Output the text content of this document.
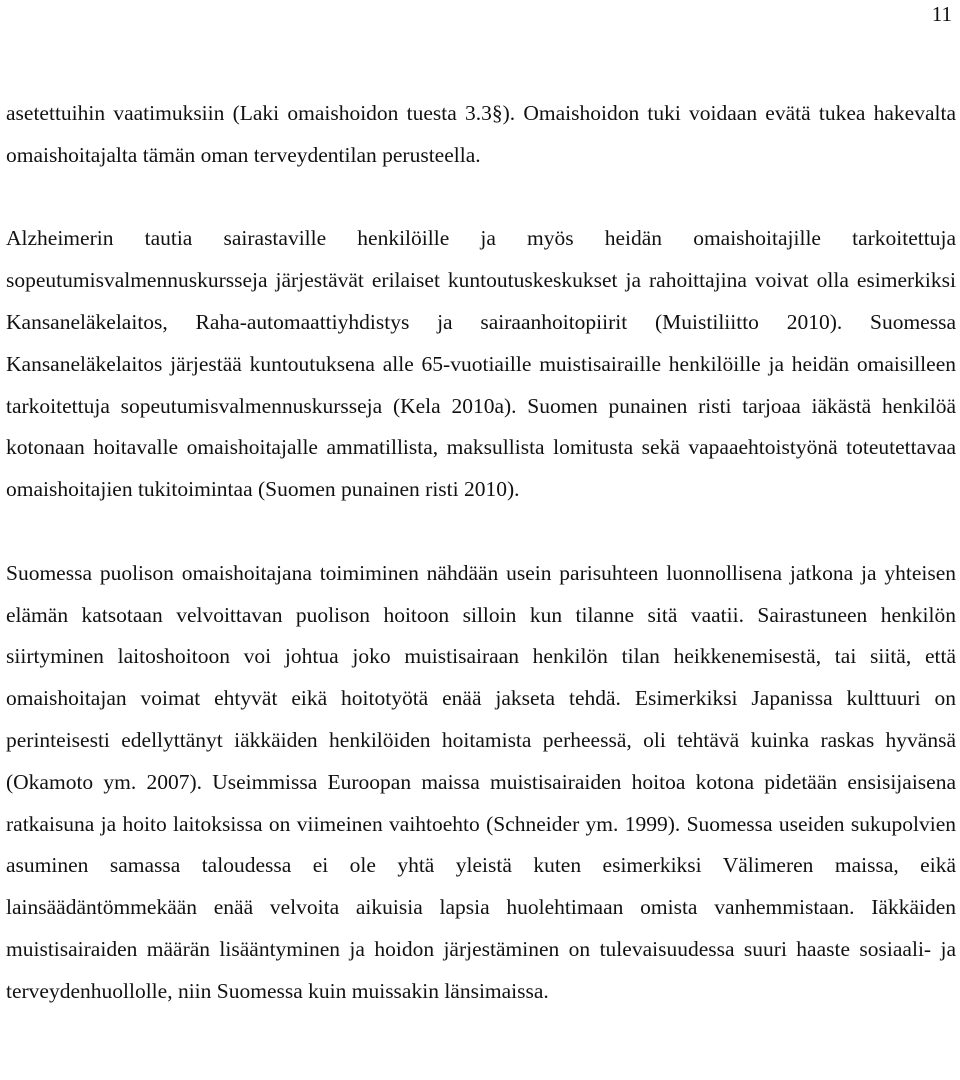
11

asetettuihin vaatimuksiin (Laki omaishoidon tuesta 3.3§). Omaishoidon tuki voidaan evätä tukea hakevalta omaishoitajalta tämän oman terveydentilan perusteella.

Alzheimerin tautia sairastaville henkilöille ja myös heidän omaishoitajille tarkoitettuja sopeutumisvalmennuskursseja järjestävät erilaiset kuntoutuskeskukset ja rahoittajina voivat olla esimerkiksi Kansaneläkelaitos, Raha-automaattiyhdistys ja sairaanhoitopiirit (Muistiliitto 2010). Suomessa Kansaneläkelaitos järjestää kuntoutuksena alle 65-vuotiaille muistisairaille henkilöille ja heidän omaisilleen tarkoitettuja sopeutumisvalmennuskursseja (Kela 2010a). Suomen punainen risti tarjoaa iäkästä henkilöä kotonaan hoitavalle omaishoitajalle ammatillista, maksullista lomitusta sekä vapaaehtoistyönä toteutettavaa omaishoitajien tukitoimintaa (Suomen punainen risti 2010).

Suomessa puolison omaishoitajana toimiminen nähdään usein parisuhteen luonnollisena jatkona ja yhteisen elämän katsotaan velvoittavan puolison hoitoon silloin kun tilanne sitä vaatii. Sairastuneen henkilön siirtyminen laitoshoitoon voi johtua joko muistisairaan henkilön tilan heikkenemisestä, tai siitä, että omaishoitajan voimat ehtyvät eikä hoitotyötä enää jakseta tehdä. Esimerkiksi Japanissa kulttuuri on perinteisesti edellyttänyt iäkkäiden henkilöiden hoitamista perheessä, oli tehtävä kuinka raskas hyvänsä (Okamoto ym. 2007). Useimmissa Euroopan maissa muistisairaiden hoitoa kotona pidetään ensisijaisena ratkaisuna ja hoito laitoksissa on viimeinen vaihtoehto (Schneider ym. 1999). Suomessa useiden sukupolvien asuminen samassa taloudessa ei ole yhtä yleistä kuten esimerkiksi Välimeren maissa, eikä lainsäädäntömmekään enää velvoita aikuisia lapsia huolehtimaan omista vanhemmistaan. Iäkkäiden muistisairaiden määrän lisääntyminen ja hoidon järjestäminen on tulevaisuudessa suuri haaste sosiaali- ja terveydenhuollolle, niin Suomessa kuin muissakin länsimaissa.
